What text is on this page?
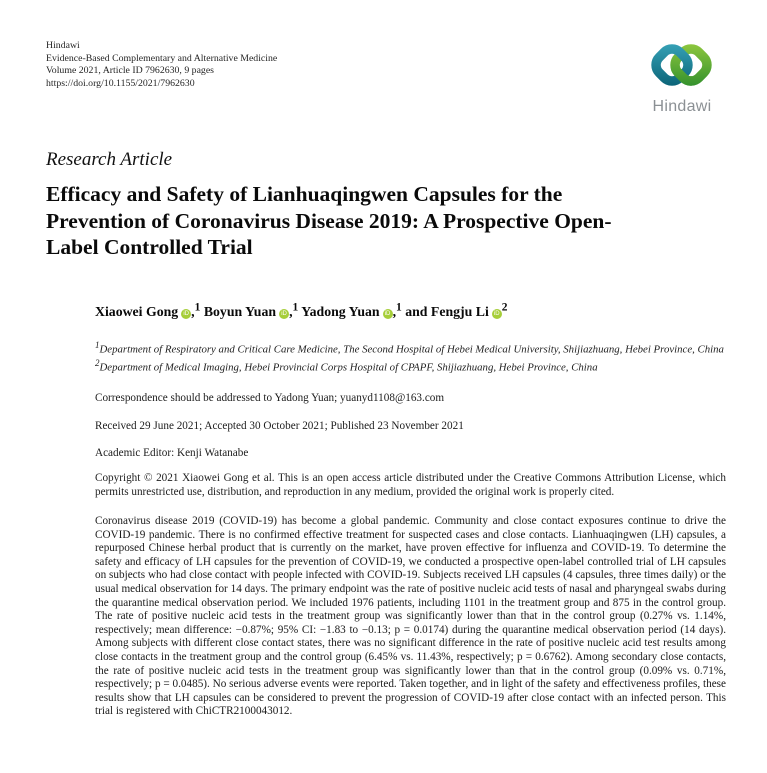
Hindawi
Evidence-Based Complementary and Alternative Medicine
Volume 2021, Article ID 7962630, 9 pages
https://doi.org/10.1155/2021/7962630
Hindawi
Research Article
Efficacy and Safety of Lianhuaqingwen Capsules for the Prevention of Coronavirus Disease 2019: A Prospective Open-Label Controlled Trial
Xiaowei Gong iD ,$^1$ Boyun Yuan iD ,$^1$ Yadong Yuan iD ,$^1$ and Fengju Li iD$^2$
$^1$Department of Respiratory and Critical Care Medicine, The Second Hospital of Hebei Medical University, Shijiazhuang, Hebei Province, China
$^2$Department of Medical Imaging, Hebei Provincial Corps Hospital of CPAPF, Shijiazhuang, Hebei Province, China
Correspondence should be addressed to Yadong Yuan; yuanyd1108@163.com
Received 29 June 2021; Accepted 30 October 2021; Published 23 November 2021
Academic Editor: Kenji Watanabe
Copyright © 2021 Xiaowei Gong et al. This is an open access article distributed under the Creative Commons Attribution License, which permits unrestricted use, distribution, and reproduction in any medium, provided the original work is properly cited.
Coronavirus disease 2019 (COVID-19) has become a global pandemic. Community and close contact exposures continue to drive the COVID-19 pandemic. There is no confirmed effective treatment for suspected cases and close contacts. Lianhuaqingwen (LH) capsules, a repurposed Chinese herbal product that is currently on the market, have proven effective for influenza and COVID-19. To determine the safety and efficacy of LH capsules for the prevention of COVID-19, we conducted a prospective open-label controlled trial of LH capsules on subjects who had close contact with people infected with COVID-19. Subjects received LH capsules (4 capsules, three times daily) or the usual medical observation for 14 days. The primary endpoint was the rate of positive nucleic acid tests of nasal and pharyngeal swabs during the quarantine medical observation period. We included 1976 patients, including 1101 in the treatment group and 875 in the control group. The rate of positive nucleic acid tests in the treatment group was significantly lower than that in the control group (0.27% vs. 1.14%, respectively; mean difference: −0.87%; 95% CI: −1.83 to −0.13; p = 0.0174) during the quarantine medical observation period (14 days). Among subjects with different close contact states, there was no significant difference in the rate of positive nucleic acid test results among close contacts in the treatment group and the control group (6.45% vs. 11.43%, respectively; p = 0.6762). Among secondary close contacts, the rate of positive nucleic acid tests in the treatment group was significantly lower than that in the control group (0.09% vs. 0.71%, respectively; p = 0.0485). No serious adverse events were reported. Taken together, and in light of the safety and effectiveness profiles, these results show that LH capsules can be considered to prevent the progression of COVID-19 after close contact with an infected person. This trial is registered with ChiCTR2100043012.
